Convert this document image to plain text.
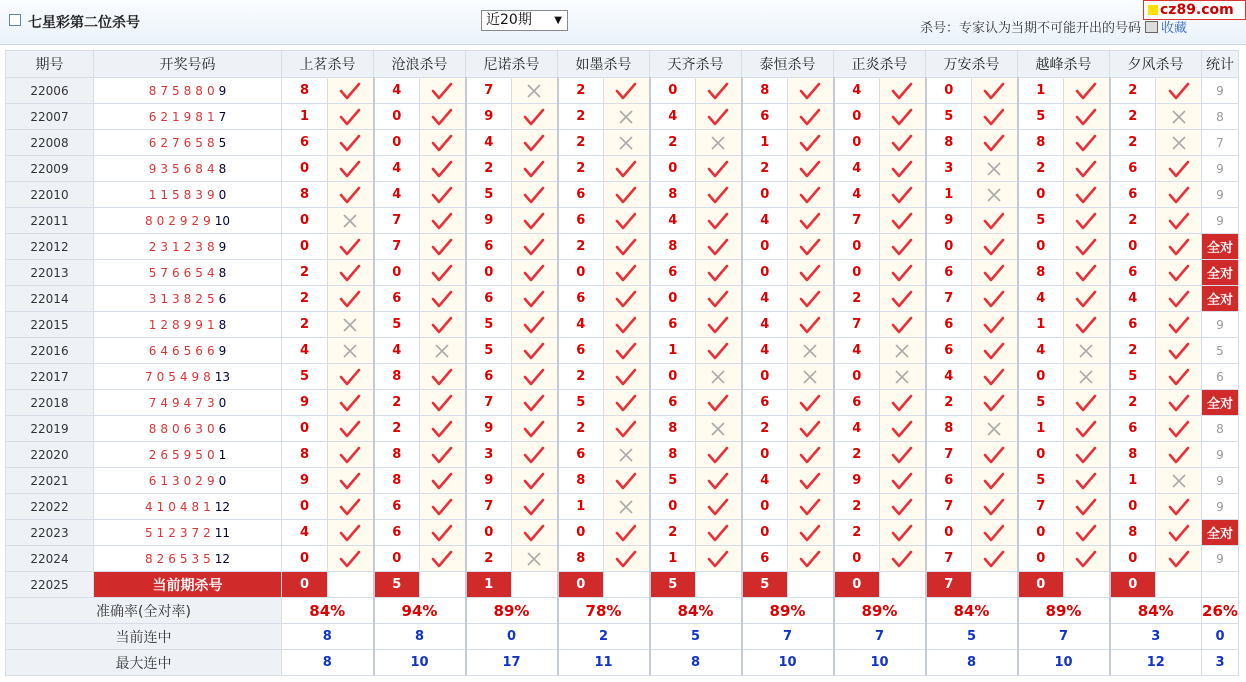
七星彩第二位杀号	近20期 ▼
杀号：专家认为当期不可能开出的号码 收藏
cz89.com
期号	开奖号码	上茗杀号		沧浪杀号		尼诺杀号		如墨杀号		天齐杀号		泰恒杀号		正炎杀号		万安杀号		越峰杀号		夕风杀号		统计
22006	8758809	8		4		7		2		0		8		4		0		1		2		9
22007	6219817	1		0		9		2		4		6		0		5		5		2		8
22008	6276585	6		0		4		2		2		1		0		8		8		2		7
22009	9356848	0		4		2		2		0		2		4		3		2		6		9
22010	1158390	8		4		5		6		8		0		4		1		0		6		9
22011	80292910	0		7		9		6		4		4		7		9		5		2		9
22012	2312389	0		7		6		2		8		0		0		0		0		0		全对
22013	5766548	2		0		0		0		6		0		0		6		8		6		全对
22014	3138256	2		6		6		6		0		4		2		7		4		4		全对
22015	1289918	2		5		5		4		6		4		7		6		1		6		9
22016	6465669	4		4		5		6		1		4		4		6		4		2		5
22017	70549813	5		8		6		2		0		0		0		4		0		5		6
22018	7494730	9		2		7		5		6		6		6		2		5		2		全对
22019	8806306	0		2		9		2		8		2		4		8		1		6		8
22020	2659501	8		8		3		6		8		0		2		7		0		8		9
22021	6130290	9		8		9		8		5		4		9		6		5		1		9
22022	41048112	0		6		7		1		0		0		2		7		7		0		9
22023	51237211	4		6		0		0		2		0		2		0		0		8		全对
22024	82653512	0		0		2		8		1		6		0		7		0		0		9
22025	当前期杀号	0		5		1		0		5		5		0		7		0		0		
准确率(全对率)		84%		94%		89%		78%		84%		89%		89%		84%		89%		84%		26%
当前连中		8		8		0		2		5		7		7		5		7		3		0
最大连中		8		10		17		11		8		10		10		8		10		12		3
